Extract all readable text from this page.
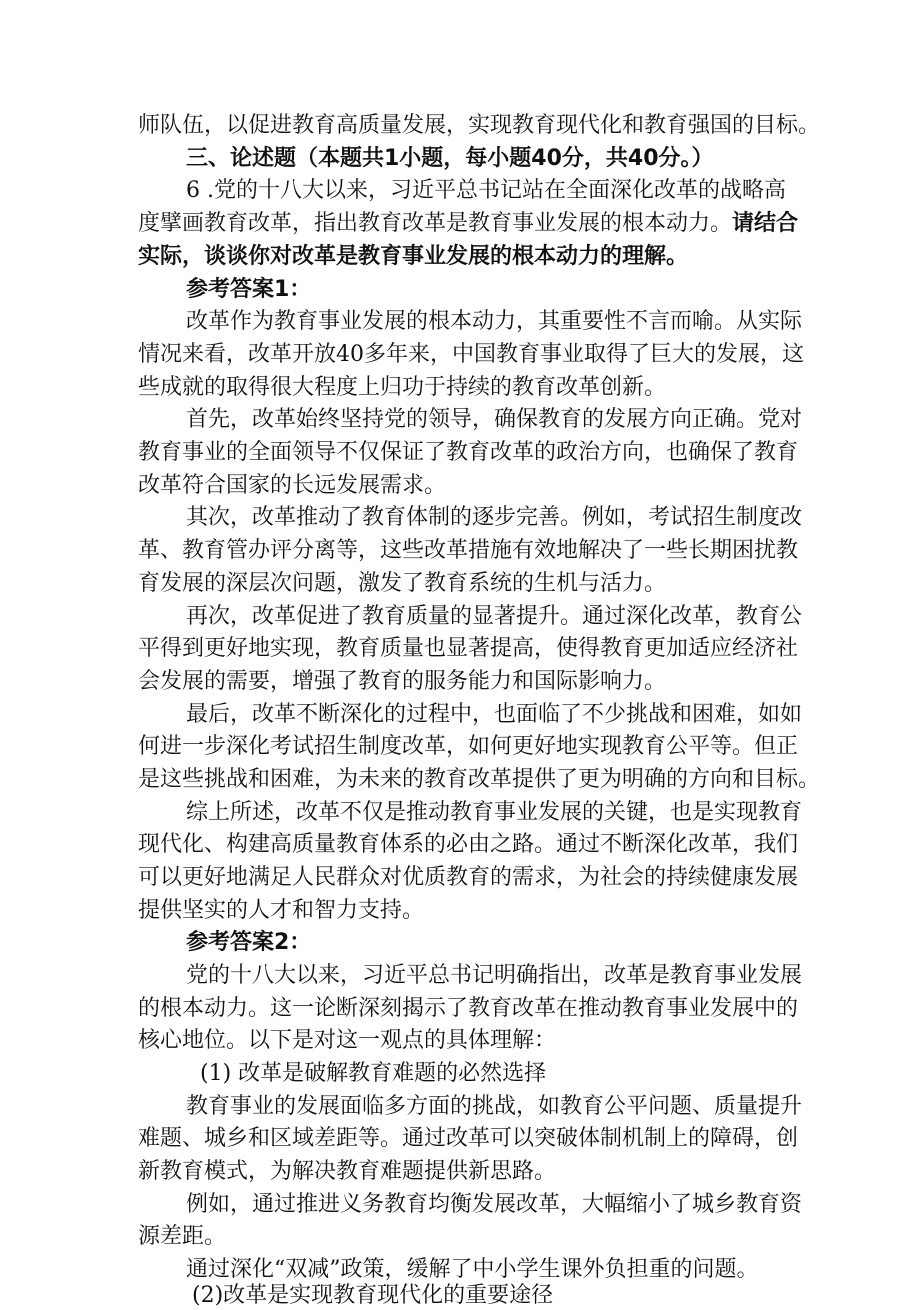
师队伍，以促进教育高质量发展，实现教育现代化和教育强国的目标。
三、论述题（本题共1小题，每小题40分，共40分。）
6 .党的十八大以来，习近平总书记站在全面深化改革的战略高
度擘画教育改革，指出教育改革是教育事业发展的根本动力。请结合
实际，谈谈你对改革是教育事业发展的根本动力的理解。
参考答案1：
改革作为教育事业发展的根本动力，其重要性不言而喻。从实际
情况来看，改革开放40多年来，中国教育事业取得了巨大的发展，这
些成就的取得很大程度上归功于持续的教育改革创新。
首先，改革始终坚持党的领导，确保教育的发展方向正确。党对
教育事业的全面领导不仅保证了教育改革的政治方向，也确保了教育
改革符合国家的长远发展需求。
其次，改革推动了教育体制的逐步完善。例如，考试招生制度改
革、教育管办评分离等，这些改革措施有效地解决了一些长期困扰教
育发展的深层次问题，激发了教育系统的生机与活力。
再次，改革促进了教育质量的显著提升。通过深化改革，教育公
平得到更好地实现，教育质量也显著提高，使得教育更加适应经济社
会发展的需要，增强了教育的服务能力和国际影响力。
最后，改革不断深化的过程中，也面临了不少挑战和困难，如如
何进一步深化考试招生制度改革，如何更好地实现教育公平等。但正
是这些挑战和困难，为未来的教育改革提供了更为明确的方向和目标。
综上所述，改革不仅是推动教育事业发展的关键，也是实现教育
现代化、构建高质量教育体系的必由之路。通过不断深化改革，我们
可以更好地满足人民群众对优质教育的需求，为社会的持续健康发展
提供坚实的人才和智力支持。
参考答案2：
党的十八大以来，习近平总书记明确指出，改革是教育事业发展
的根本动力。这一论断深刻揭示了教育改革在推动教育事业发展中的
核心地位。以下是对这一观点的具体理解：
(1) 改革是破解教育难题的必然选择
教育事业的发展面临多方面的挑战，如教育公平问题、质量提升
难题、城乡和区域差距等。通过改革可以突破体制机制上的障碍，创
新教育模式，为解决教育难题提供新思路。
例如，通过推进义务教育均衡发展改革，大幅缩小了城乡教育资
源差距。
通过深化“双减”政策，缓解了中小学生课外负担重的问题。
(2)改革是实现教育现代化的重要途径
